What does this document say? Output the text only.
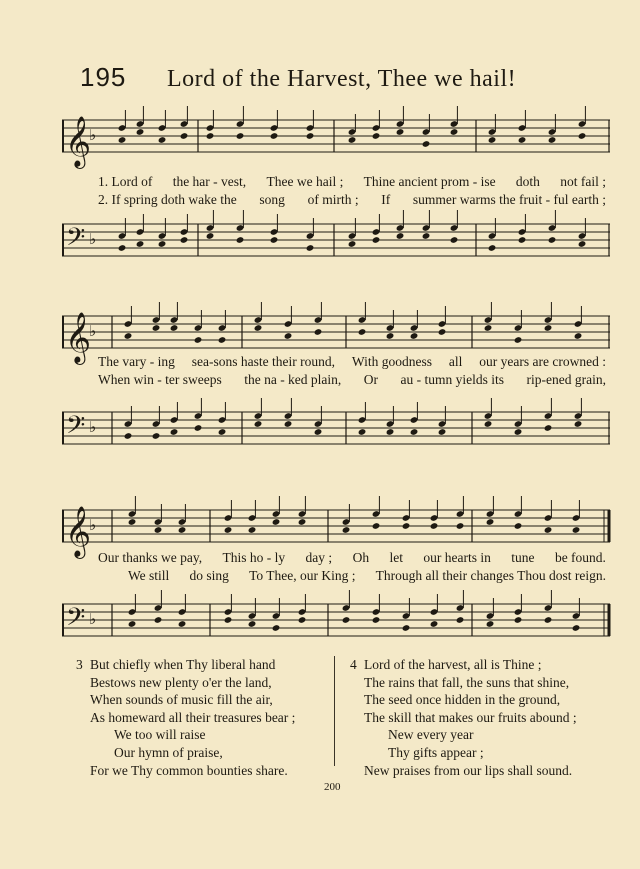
195 Lord of the Harvest, Thee we hail!
𝄞
♭
1. Lord of the har - vest, Thee we hail ; Thine ancient prom - ise doth not fail ;
2. If spring doth wake the song of mirth ; If summer warms the fruit - ful earth ;
𝄢 ♭
𝄞
♭
The vary - ing sea-sons haste their round, With goodness all our years are crowned :
When win - ter sweeps the na - ked plain, Or au - tumn yields its rip-ened grain,
𝄢 ♭
𝄞
♭
Our thanks we pay, This ho - ly day ; Oh let our hearts in tune be found.
We still do sing To Thee, our King ; Through all their changes Thou dost reign.
𝄢 ♭
3 But chiefly when Thy liberal hand
Bestows new plenty o'er the land,
When sounds of music fill the air,
As homeward all their treasures bear ;
We too will raise
Our hymn of praise,
For we Thy common bounties share.
4 Lord of the harvest, all is Thine ;
The rains that fall, the suns that shine,
The seed once hidden in the ground,
The skill that makes our fruits abound ;
New every year
Thy gifts appear ;
New praises from our lips shall sound.
200
